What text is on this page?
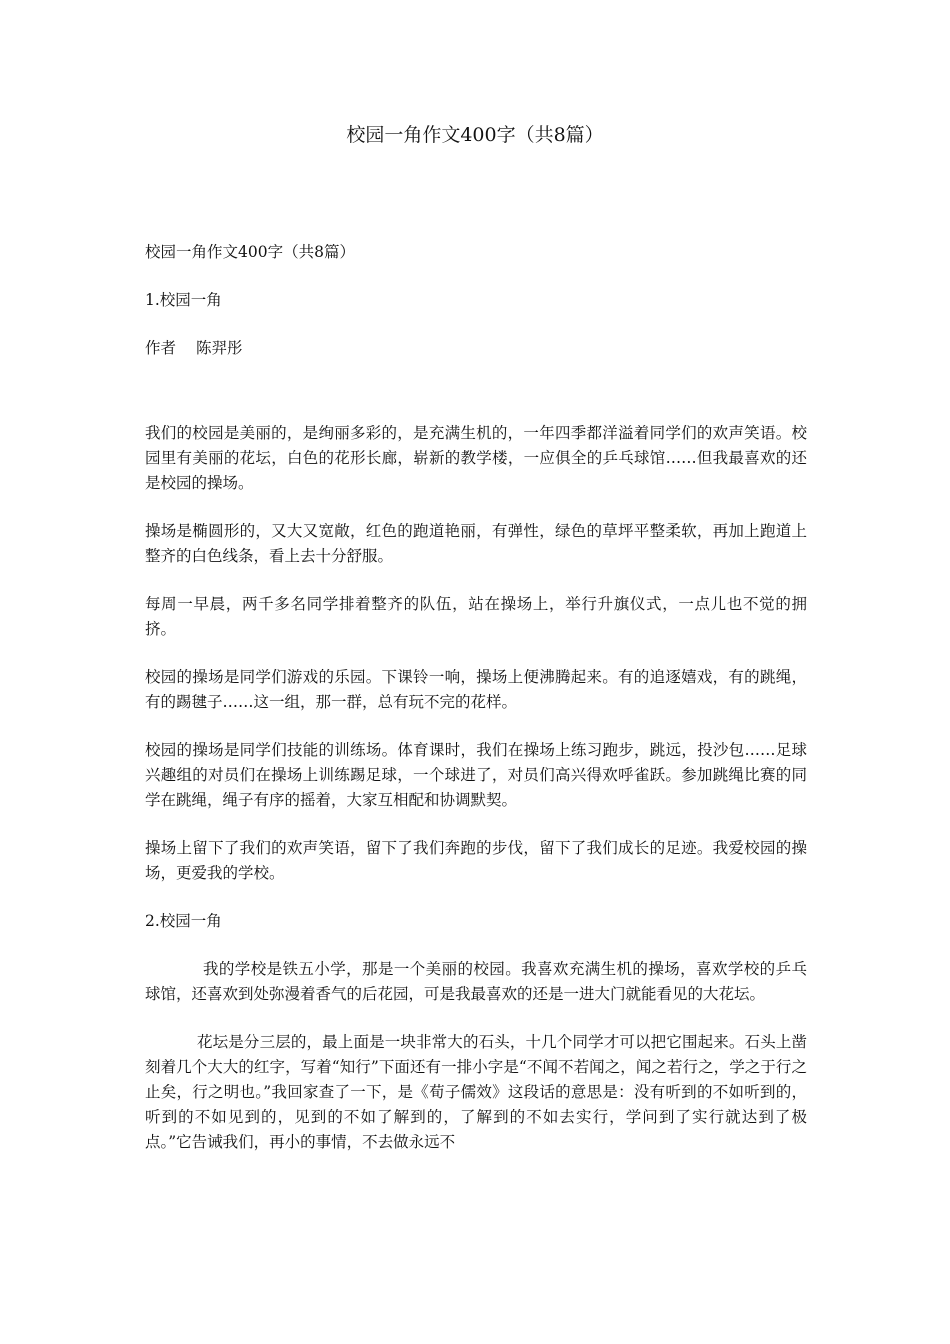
校园一角作文400字（共8篇）

校园一角作文400字（共8篇）

1.校园一角

作者 陈羿彤

我们的校园是美丽的，是绚丽多彩的，是充满生机的，一年四季都洋溢着同学们的欢声笑语。校园里有美丽的花坛，白色的花形长廊，崭新的教学楼，一应俱全的乒乓球馆……但我最喜欢的还是校园的操场。

操场是椭圆形的，又大又宽敞，红色的跑道艳丽，有弹性，绿色的草坪平整柔软，再加上跑道上整齐的白色线条，看上去十分舒服。

每周一早晨，两千多名同学排着整齐的队伍，站在操场上，举行升旗仪式，一点儿也不觉的拥挤。

校园的操场是同学们游戏的乐园。下课铃一响，操场上便沸腾起来。有的追逐嬉戏，有的跳绳，有的踢毽子……这一组，那一群，总有玩不完的花样。

校园的操场是同学们技能的训练场。体育课时，我们在操场上练习跑步，跳远，投沙包……足球兴趣组的对员们在操场上训练踢足球，一个球进了，对员们高兴得欢呼雀跃。参加跳绳比赛的同学在跳绳，绳子有序的摇着，大家互相配和协调默契。

操场上留下了我们的欢声笑语，留下了我们奔跑的步伐，留下了我们成长的足迹。我爱校园的操场，更爱我的学校。

2.校园一角

我的学校是铁五小学，那是一个美丽的校园。我喜欢充满生机的操场，喜欢学校的乒乓球馆，还喜欢到处弥漫着香气的后花园，可是我最喜欢的还是一进大门就能看见的大花坛。

花坛是分三层的，最上面是一块非常大的石头，十几个同学才可以把它围起来。石头上凿刻着几个大大的红字，写着“知行”下面还有一排小字是“不闻不若闻之，闻之若行之，学之于行之止矣，行之明也。”我回家查了一下，是《荀子儒效》这段话的意思是：没有听到的不如听到的，听到的不如见到的，见到的不如了解到的，了解到的不如去实行，学问到了实行就达到了极点。”它告诫我们，再小的事情，不去做永远不
